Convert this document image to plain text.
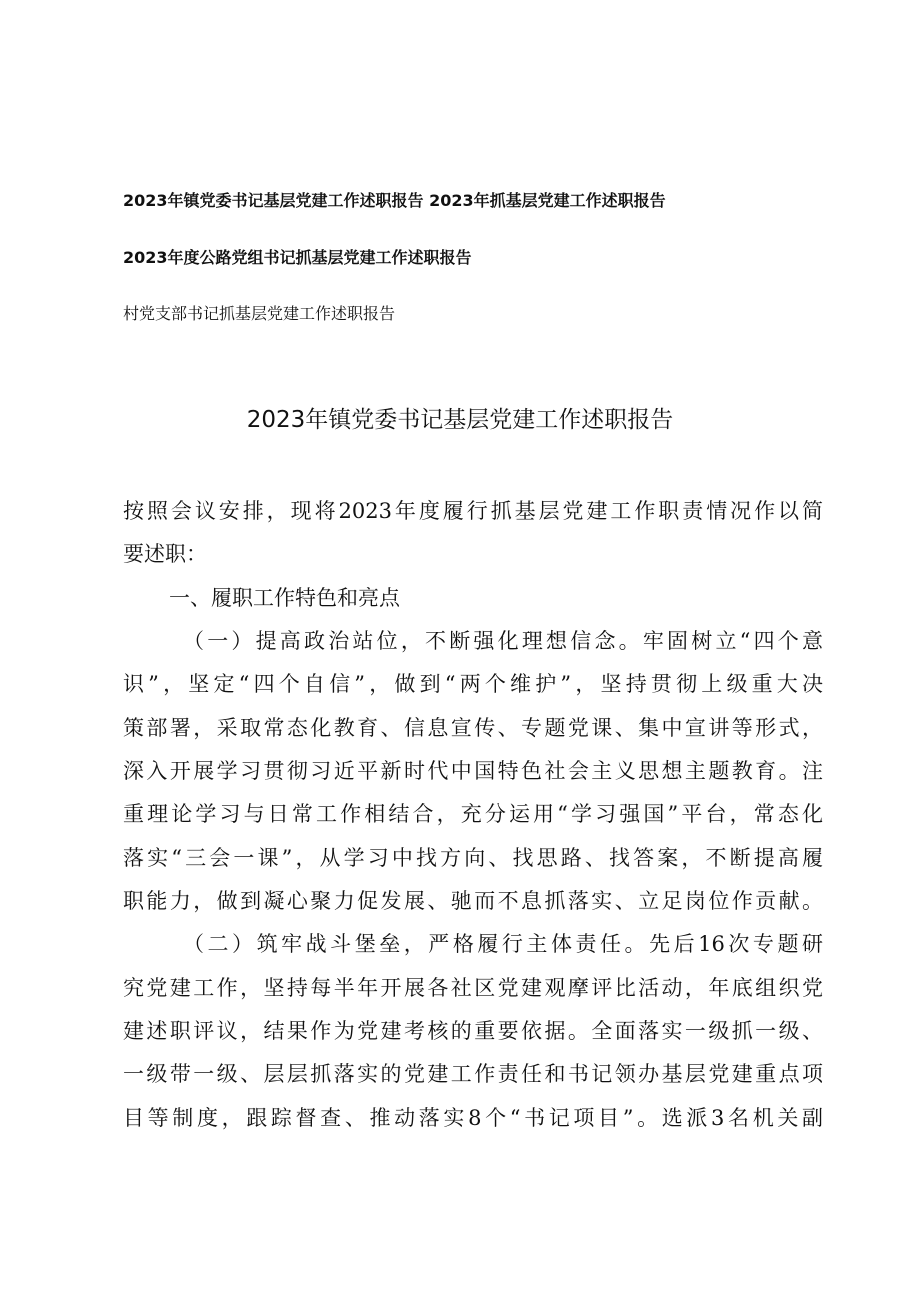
2023年镇党委书记基层党建工作述职报告 2023年抓基层党建工作述职报告
2023年度公路党组书记抓基层党建工作述职报告
村党支部书记抓基层党建工作述职报告
2023年镇党委书记基层党建工作述职报告
按照会议安排，现将2023年度履行抓基层党建工作职责情况作以简
要述职：
一、履职工作特色和亮点
（一）提高政治站位，不断强化理想信念。牢固树立“四个意
识”，坚定“四个自信”，做到“两个维护”，坚持贯彻上级重大决
策部署，采取常态化教育、信息宣传、专题党课、集中宣讲等形式，
深入开展学习贯彻习近平新时代中国特色社会主义思想主题教育。注
重理论学习与日常工作相结合，充分运用“学习强国”平台，常态化
落实“三会一课”，从学习中找方向、找思路、找答案，不断提高履
职能力，做到凝心聚力促发展、驰而不息抓落实、立足岗位作贡献。
（二）筑牢战斗堡垒，严格履行主体责任。先后16次专题研
究党建工作，坚持每半年开展各社区党建观摩评比活动，年底组织党
建述职评议，结果作为党建考核的重要依据。全面落实一级抓一级、
一级带一级、层层抓落实的党建工作责任和书记领办基层党建重点项
目等制度，跟踪督查、推动落实8个“书记项目”。选派3名机关副
